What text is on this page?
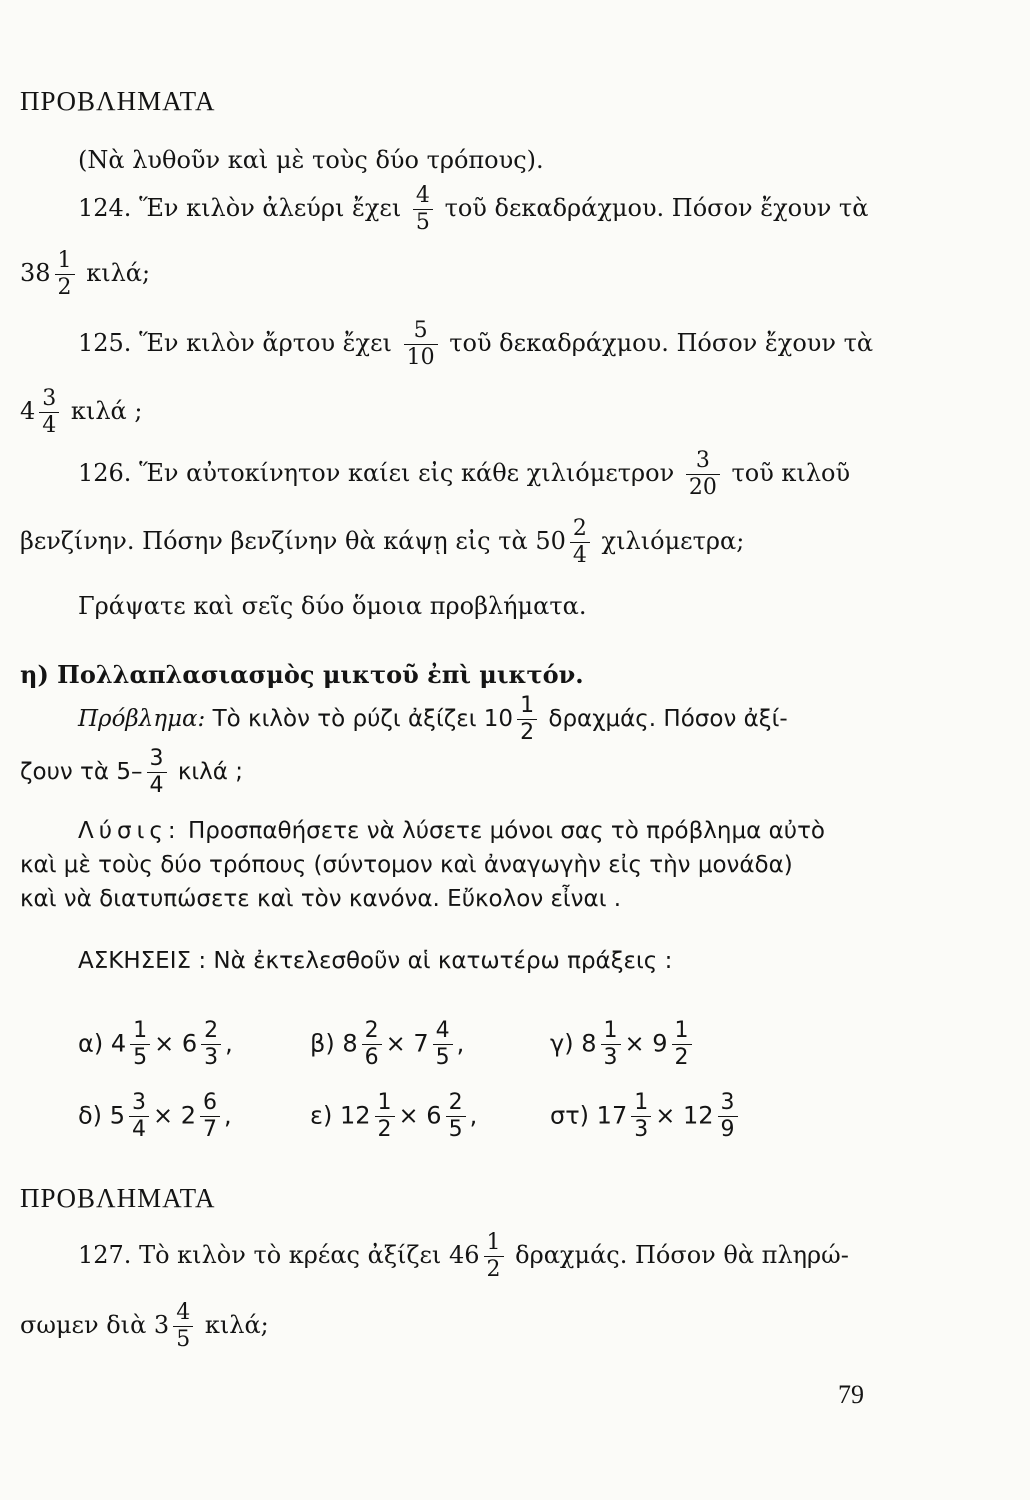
ΠΡΟΒΛΗΜΑΤΑ
(Νὰ λυθοῦν καὶ μὲ τοὺς δύο τρόπους).
124. Ἕν κιλὸν ἀλεύρι ἔχει $\frac{4}{5}$ τοῦ δεκαδράχμου. Πόσον ἔχουν τὰ
$38 \frac{1}{2} \kappa\iota\lambda ά$;
125. Ἕν κιλὸν ἄρτου ἔχει $\frac{5}{10}$ τοῦ δεκαδράχμου. Πόσον ἔχουν τὰ
$4 \frac{3}{4}$ κιλά ;
126. Ἕν αὐτοκίνητον καίει εἰς κάθε χιλιόμετρον $\frac{3}{20}$ τοῦ κιλοῦ
βενζίνην. Πόσην βενζίνην θὰ κάψῃ εἰς τὰ $50 \frac{2}{4} \chi\iota\lambda\iota ό\mu\varepsilon\tau\rho\alpha$;
Γράψατε καὶ σεῖς δύο ὅμοια προβλήματα.
η) Πολλαπλασιασμὸς μικτοῦ ἐπὶ μικτόν.
Πρόβλημα: Τὸ κιλὸν τὸ ρύζι ἀξίζει $10 \frac{1}{2} \delta\rho\alpha\chi\mu ά\varsigma$. Πόσον ἀξί-
ζουν τὰ $5- \frac{3}{4}$ κιλά ;
Λύσις: Προσπαθήσετε νὰ λύσετε μόνοι σας τὸ πρόβλημα αὐτὸ
καὶ μὲ τοὺς δύο τρόπους (σύντομον καὶ ἀναγωγὴν εἰς τὴν μονάδα)
καὶ νὰ διατυπώσετε καὶ τὸν κανόνα. Εὔκολον εἶναι .
ΑΣΚΗΣΕΙΣ : Νὰ ἐκτελεσθοῦν αἱ κατωτέρω πράξεις :
α) $4 \frac{1}{5} \times 6 \frac{2}{3}$ ,	β) $8 \frac{2}{6} \times 7 \frac{4}{5}$ ,	γ) $8 \frac{1}{3} \times 9 \frac{1}{2}$
δ) $5 \frac{3}{4} \times 2 \frac{6}{7}$ ,	ε) $12 \frac{1}{2} \times 6 \frac{2}{5}$ ,	στ) $17 \frac{1}{3} \times 12 \frac{3}{9}$
ΠΡΟΒΛΗΜΑΤΑ
127. Τὸ κιλὸν τὸ κρέας ἀξίζει $46 \frac{1}{2} \delta\rho\alpha\chi\mu ά\varsigma$. Πόσον θὰ πληρώ-
σωμεν διὰ $3 \frac{4}{5} \kappa\iota\lambda ά$;
79
